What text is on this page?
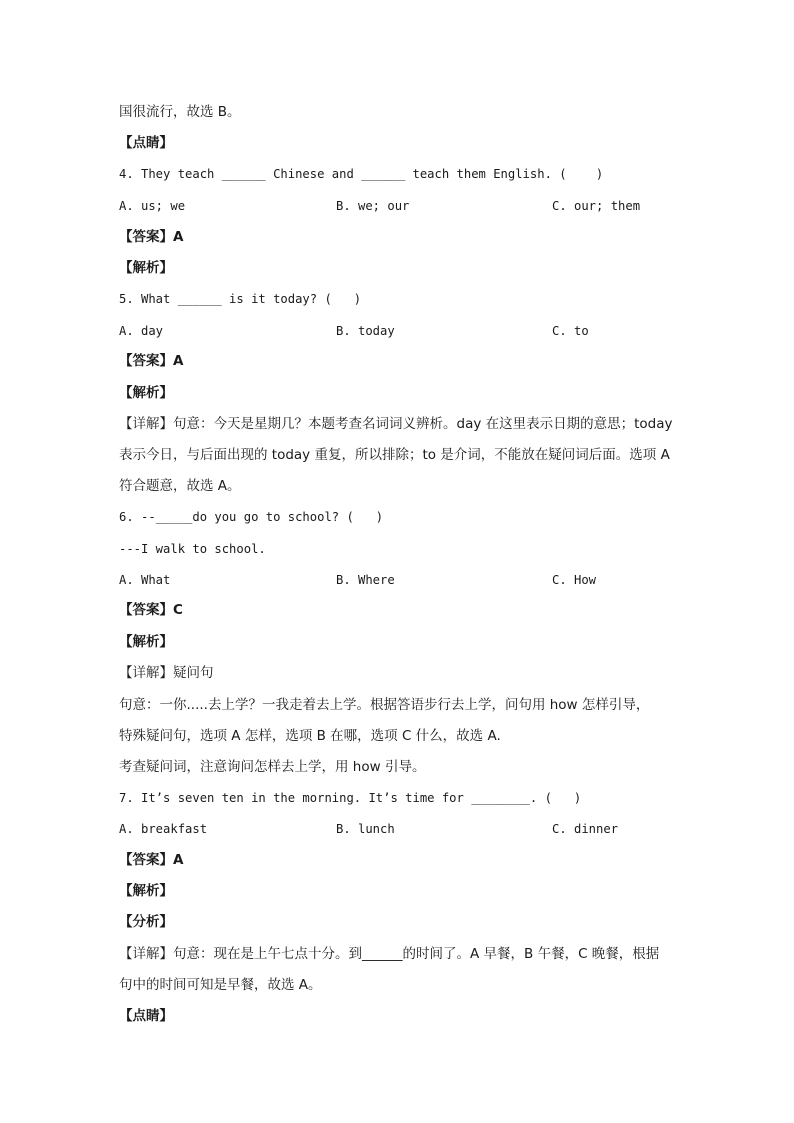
国很流行，故选 B。
【点睛】
4. They teach ______ Chinese and ______ teach them English. (    )
A. us; we	B. we; our	C. our; them
【答案】A
【解析】
5. What ______ is it today? (   )
A. day	B. today	C. to
【答案】A
【解析】
【详解】句意：今天是星期几？本题考查名词词义辨析。day 在这里表示日期的意思；today
表示今日，与后面出现的 today 重复，所以排除；to 是介词，不能放在疑问词后面。选项 A
符合题意，故选 A。
6. --_____do you go to school? (   )
---I walk to school.
A. What	B. Where	C. How
【答案】C
【解析】
【详解】疑问句
句意：一你.....去上学？一我走着去上学。根据答语步行去上学，问句用 how 怎样引导，
特殊疑问句，选项 A 怎样，选项 B 在哪，选项 C 什么，故选 A.
考查疑问词，注意询问怎样去上学，用 how 引导。
7. It’s seven ten in the morning. It’s time for ________. (   )
A. breakfast	B. lunch	C. dinner
【答案】A
【解析】
【分析】
【详解】句意：现在是上午七点十分。到______的时间了。A 早餐，B 午餐，C 晚餐，根据
句中的时间可知是早餐，故选 A。
【点睛】
